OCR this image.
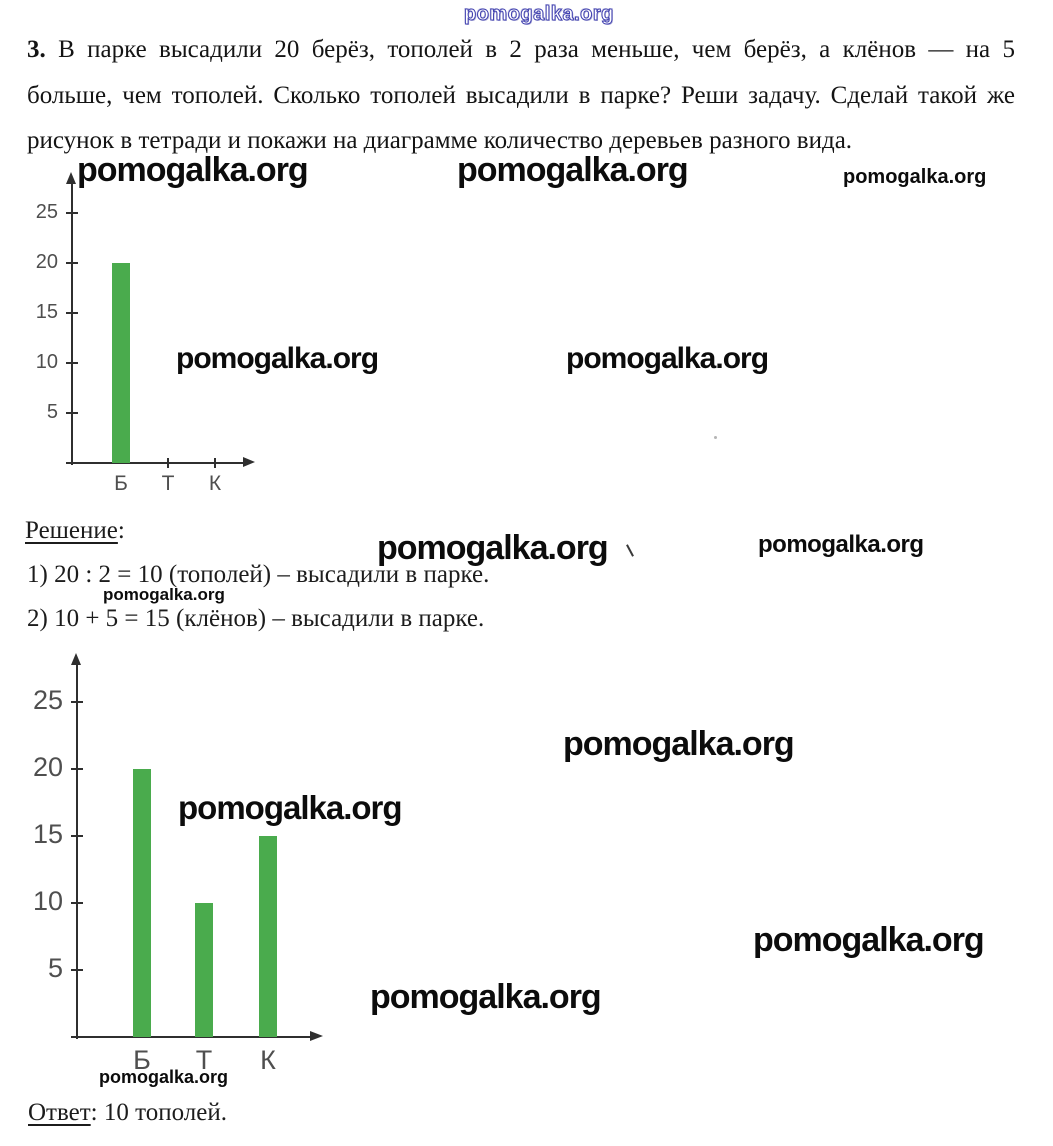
pomogalka.org
3. В парке высадили 20 берёз, тополей в 2 раза меньше, чем берёз, а клёнов — на 5
больше, чем тополей. Сколько тополей высадили в парке? Реши задачу. Сделай такой же
рисунок в тетради и покажи на диаграмме количество деревьев разного вида.
pomogalka.org	pomogalka.org	pomogalka.org
5
10
15
20
25
Б	Т	К
pomogalka.org	pomogalka.org
Решение:
1) 20 : 2 = 10 (тополей) – высадили в парке.
2) 10 + 5 = 15 (клёнов) – высадили в парке.
pomogalka.org	pomogalka.org
pomogalka.org
5
10
15
20
25
Б Т	К
pomogalka.org
pomogalka.org
pomogalka.org
pomogalka.org
pomogalka.org
Ответ: 10 тополей.
